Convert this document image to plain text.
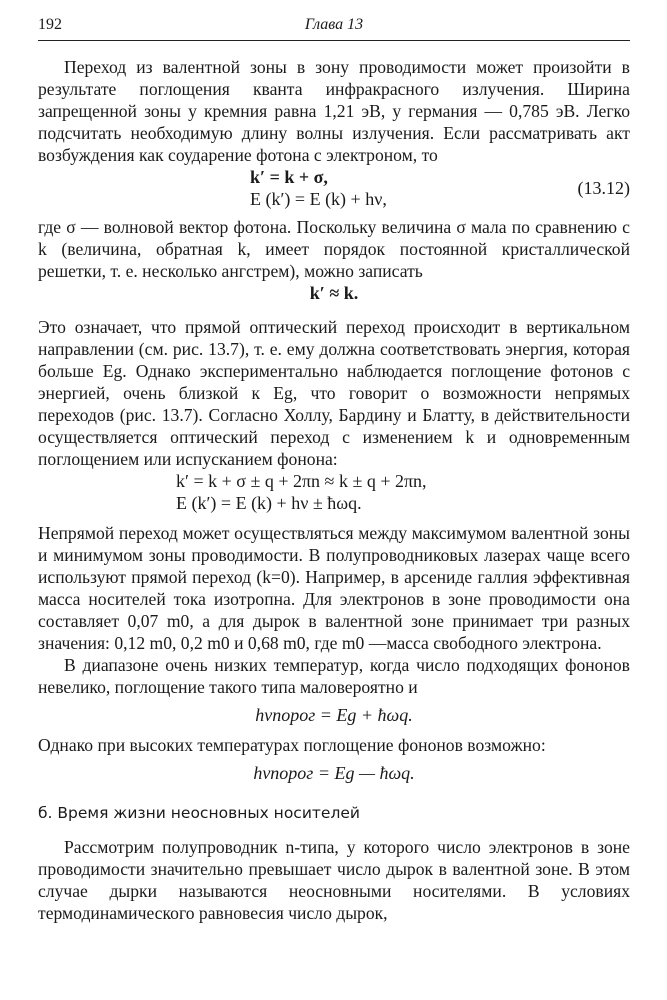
192	Глава 13

Переход из валентной зоны в зону проводимости может произойти в результате поглощения кванта инфракрасного излучения. Ширина запрещенной зоны у кремния равна 1,21 эВ, у германия — 0,785 эВ. Легко подсчитать необходимую длину волны излучения. Если рассматривать акт возбуждения как соударение фотона с электроном, то

k′ = k + σ,
E (k′) = E (k) + hν,
(13.12)

где σ — волновой вектор фотона. Поскольку величина σ мала по сравнению с k (величина, обратная k, имеет порядок постоянной кристаллической решетки, т. е. несколько ангстрем), можно записать

k′ ≈ k.

Это означает, что прямой оптический переход происходит в вертикальном направлении (см. рис. 13.7), т. е. ему должна соответствовать энергия, которая больше Eg. Однако экспериментально наблюдается поглощение фотонов с энергией, очень близкой к Eg, что говорит о возможности непрямых переходов (рис. 13.7). Согласно Холлу, Бардину и Блатту, в действительности осуществляется оптический переход с изменением k и одновременным поглощением или испусканием фонона:

k′ = k + σ ± q + 2πn ≈ k ± q + 2πn,
E (k′) = E (k) + hν ± ħωq.

Непрямой переход может осуществляться между максимумом валентной зоны и минимумом зоны проводимости. В полупроводниковых лазерах чаще всего используют прямой переход (k=0). Например, в арсениде галлия эффективная масса носителей тока изотропна. Для электронов в зоне проводимости она составляет 0,07 m0, а для дырок в валентной зоне принимает три разных значения: 0,12 m0, 0,2 m0 и 0,68 m0, где m0 —масса свободного электрона.

В диапазоне очень низких температур, когда число подходящих фононов невелико, поглощение такого типа маловероятно и

hνпорог = Eg + ħωq.

Однако при высоких температурах поглощение фононов возможно:

hνпорог = Eg — ħωq.
б. Время жизни неосновных носителей

Рассмотрим полупроводник n-типа, у которого число электронов в зоне проводимости значительно превышает число дырок в валентной зоне. В этом случае дырки называются неосновными носителями. В условиях термодинамического равновесия число дырок,
